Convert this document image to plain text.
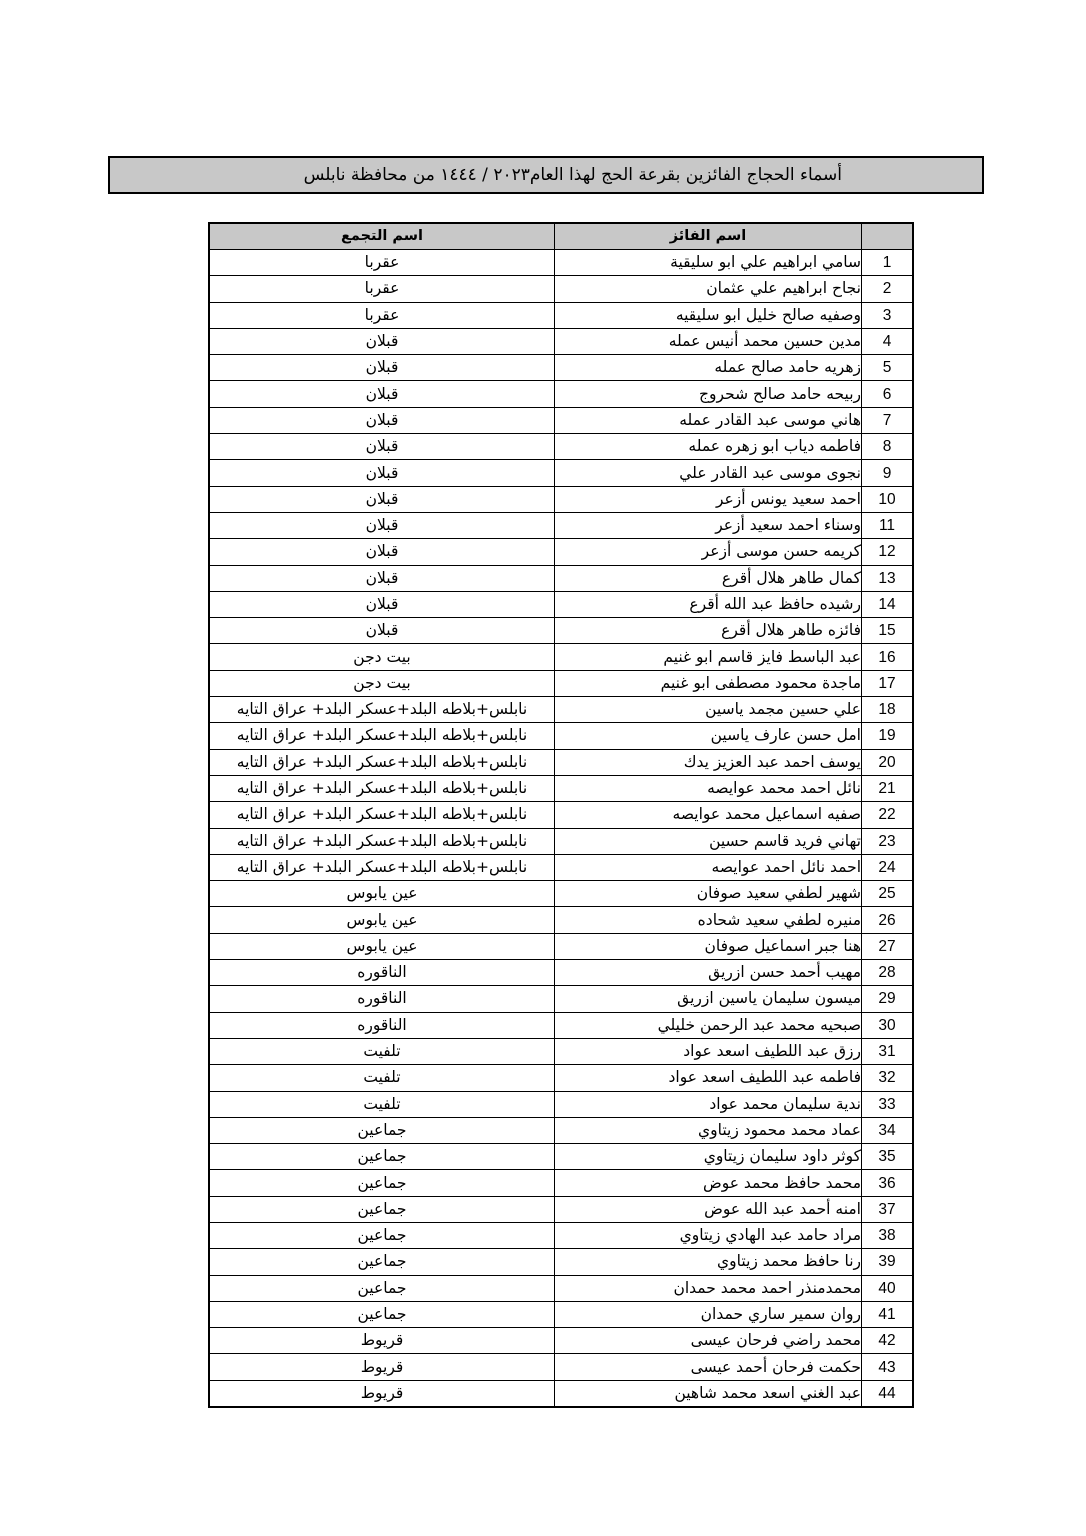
أسماء الحجاج الفائزين بقرعة الحج لهذا العام٢٠٢٣ / ١٤٤٤ من محافظة نابلس
	اسم الفائز	اسم التجمع
1	سامي ابراهيم علي ابو سليقية	عقربا
2	نجاح ابراهيم علي عثمان	عقربا
3	وصفيه صالح خليل ابو سليقيه	عقربا
4	مدين حسين محمد أنيس عمله	قبلان
5	زهريه حامد صالح عمله	قبلان
6	ربيحه حامد صالح شحروج	قبلان
7	هاني موسى عبد القادر عمله	قبلان
8	فاطمه دياب ابو زهره عمله	قبلان
9	نجوى موسى عبد القادر علي	قبلان
10	احمد سعيد يونس أزعر	قبلان
11	وسناء احمد سعيد أزعر	قبلان
12	كريمه حسن موسى أزعر	قبلان
13	كمال طاهر هلال أقرع	قبلان
14	رشيده حافظ عبد الله أقرع	قبلان
15	فائزه طاهر هلال أقرع	قبلان
16	عبد الباسط فايز قاسم ابو غنيم	بيت دجن
17	ماجدة محمود مصطفى ابو غنيم	بيت دجن
18	علي حسين مجمد ياسين	نابلس+بلاطه البلد+عسكر البلد+ عراق التايه
19	امل حسن عارف ياسين	نابلس+بلاطه البلد+عسكر البلد+ عراق التايه
20	يوسف احمد عبد العزيز يدك	نابلس+بلاطه البلد+عسكر البلد+ عراق التايه
21	نائل احمد محمد عوايصه	نابلس+بلاطه البلد+عسكر البلد+ عراق التايه
22	صفيه اسماعيل محمد عوايصه	نابلس+بلاطه البلد+عسكر البلد+ عراق التايه
23	تهاني فريد قاسم حسين	نابلس+بلاطه البلد+عسكر البلد+ عراق التايه
24	احمد نائل احمد عوايصه	نابلس+بلاطه البلد+عسكر البلد+ عراق التايه
25	شهير لطفي سعيد صوفان	عين يابوس
26	منيره لطفي سعيد شحاده	عين يابوس
27	هنا جبر اسماعيل صوفان	عين يابوس
28	مهيب أحمد حسن ازريق	الناقوره
29	ميسون سليمان ياسين ازريق	الناقوره
30	صبحيه محمد عبد الرحمن خليلي	الناقوره
31	رزق عبد اللطيف اسعد عواد	تلفيت
32	فاطمه عبد اللطيف اسعد عواد	تلفيت
33	ندية سليمان محمد عواد	تلفيت
34	عماد محمد محمود زيتاوي	جماعين
35	كوثر داود سليمان زيتاوي	جماعين
36	محمد حافظ محمد عوض	جماعين
37	امنه أحمد عبد الله عوض	جماعين
38	مراد حامد عبد الهادي زيتاوي	جماعين
39	رنا حافظ محمد زيتاوي	جماعين
40	محمدمنذر احمد محمد حمدان	جماعين
41	روان سمير ساري حمدان	جماعين
42	محمد راضي فرحان عيسى	قريوط
43	حكمت فرحان أحمد عيسى	قريوط
44	عبد الغني اسعد محمد شاهين	قريوط
